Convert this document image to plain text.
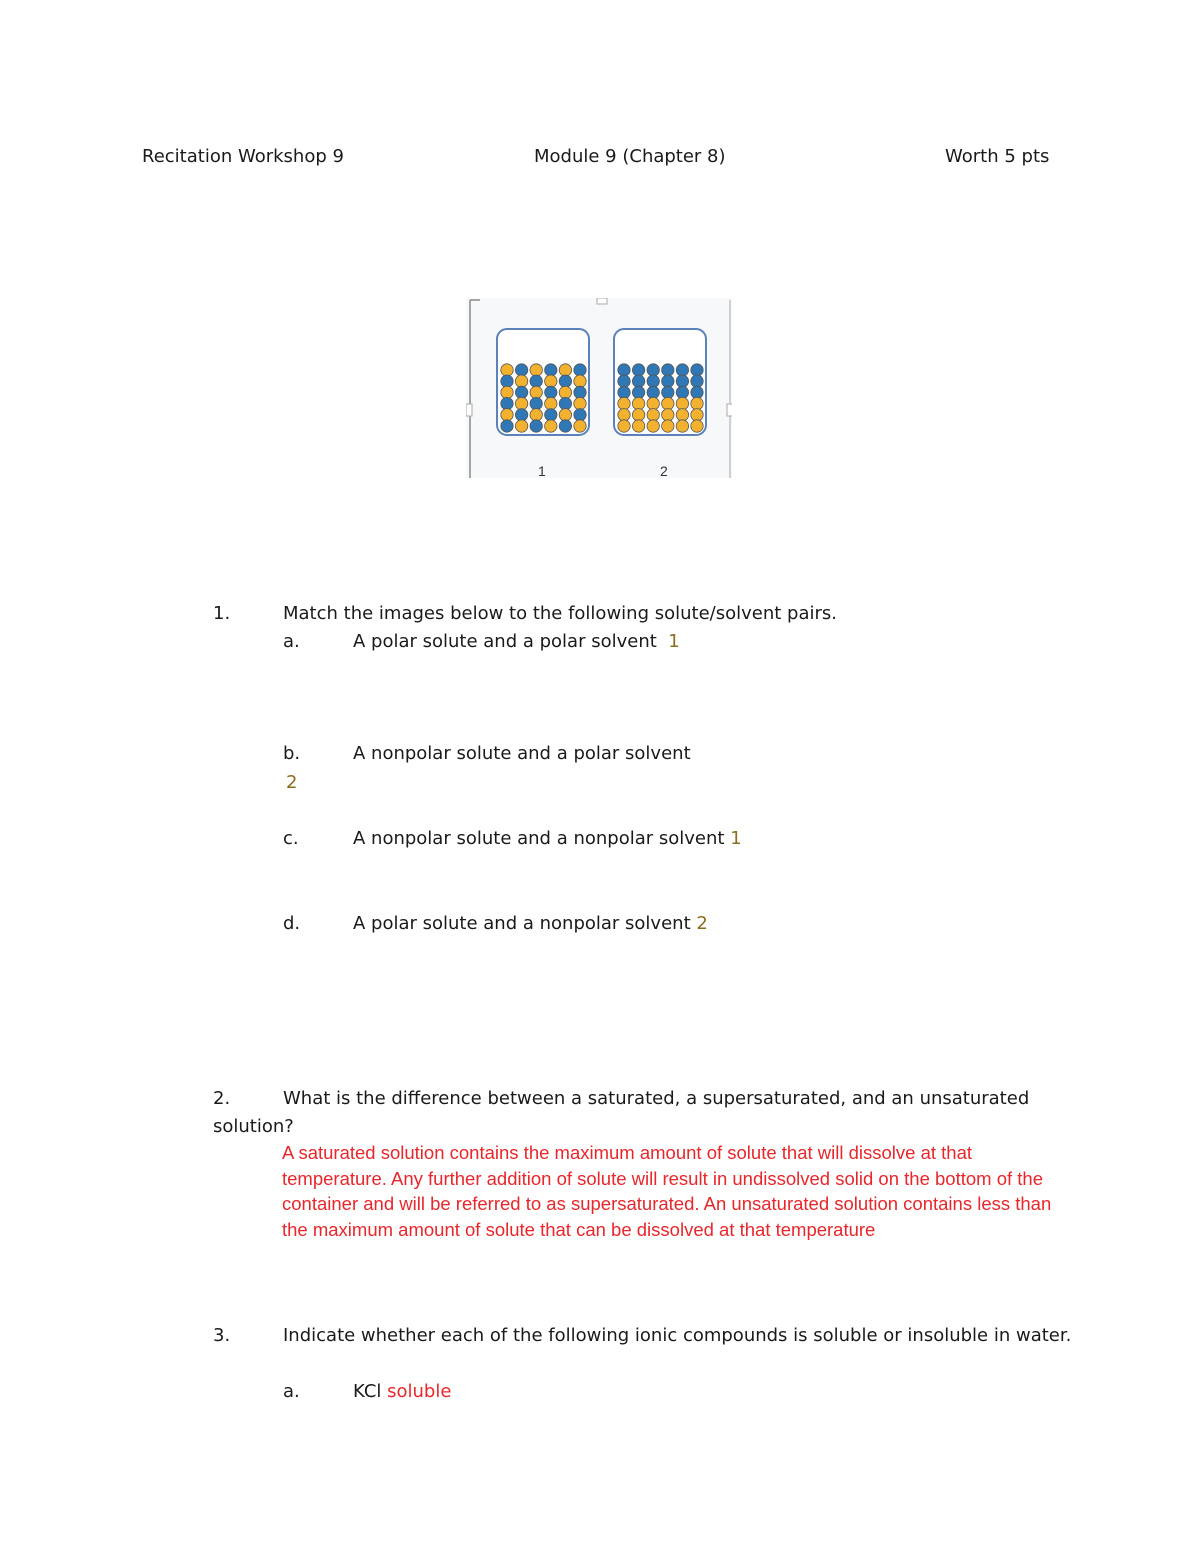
Recitation Workshop 9	Module 9 (Chapter 8)	Worth 5 pts
1	2
1.	Match the images below to the following solute/solvent pairs.
a.	A polar solute and a polar solvent 1
b.	A nonpolar solute and a polar solvent
2
c.	A nonpolar solute and a nonpolar solvent 1
d.	A polar solute and a nonpolar solvent 2
2.	What is the difference between a saturated, a supersaturated, and an unsaturated
solution?
A saturated solution contains the maximum amount of solute that will dissolve at that temperature. Any further addition of solute will result in undissolved solid on the bottom of the container and will be referred to as supersaturated. An unsaturated solution contains less than the maximum amount of solute that can be dissolved at that temperature
3.	Indicate whether each of the following ionic compounds is soluble or insoluble in water.
a.	KCl soluble
